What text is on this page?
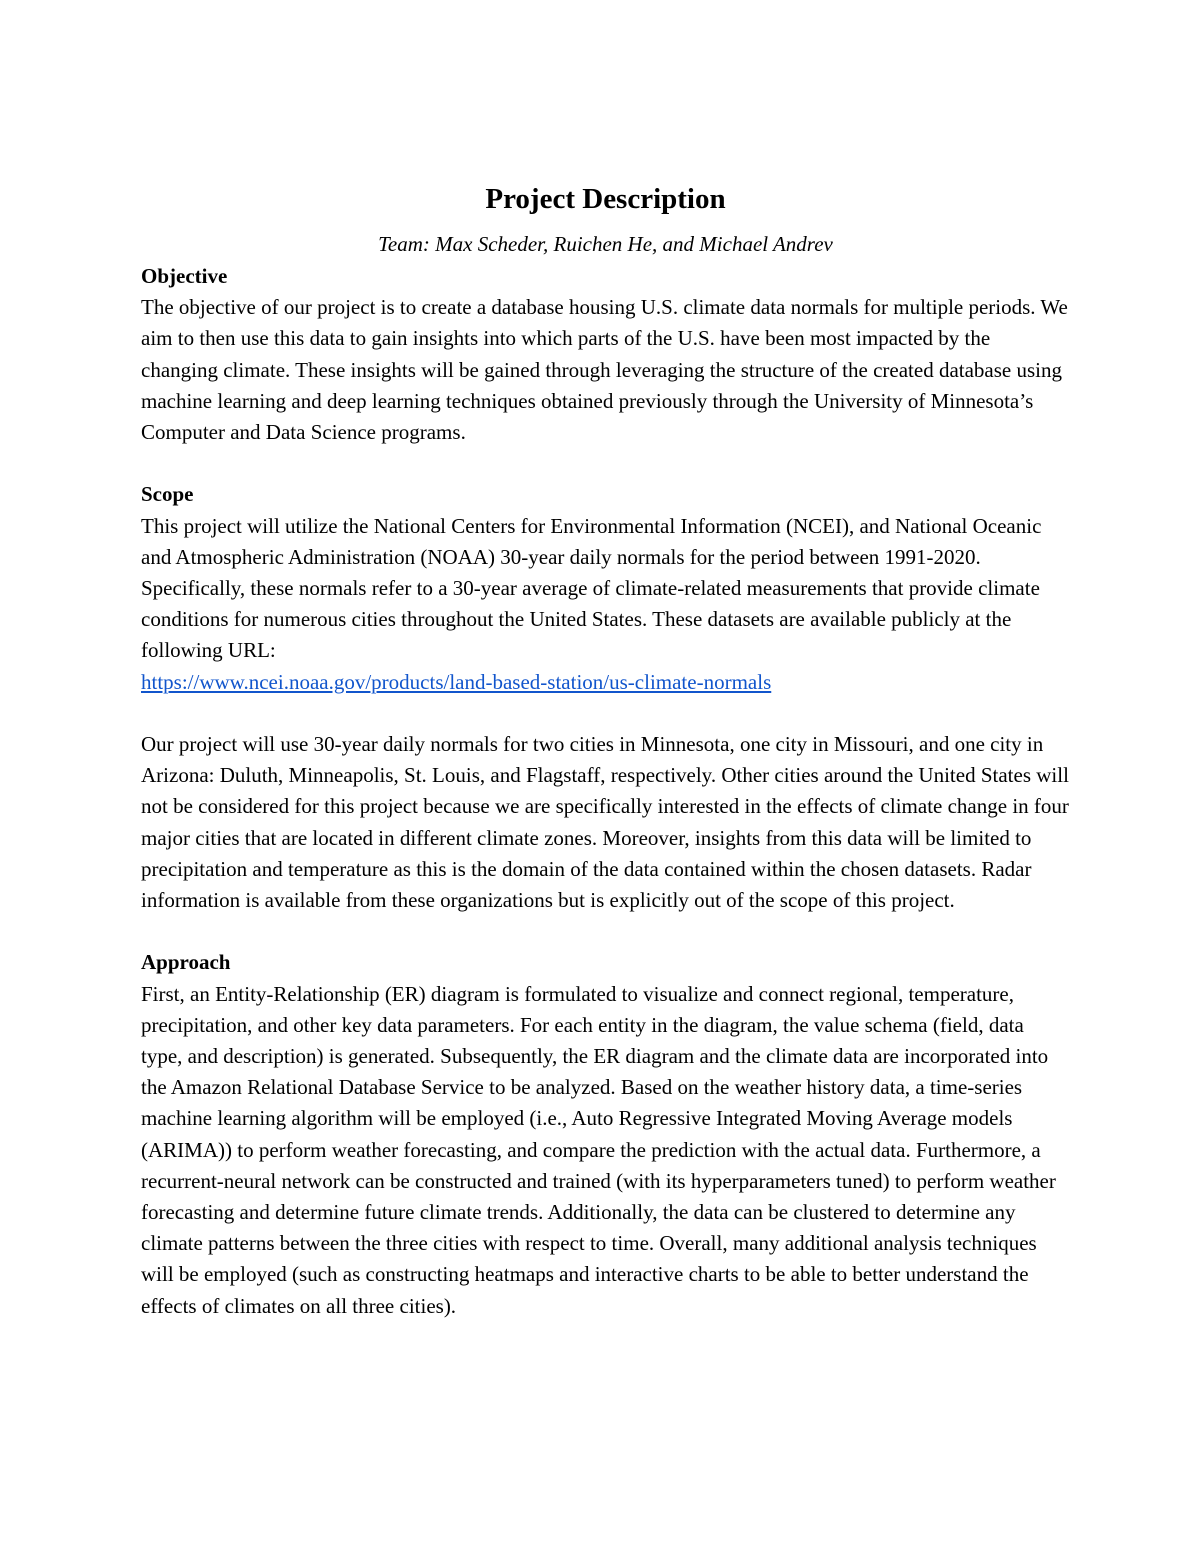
Project Description

Team: Max Scheder, Ruichen He, and Michael Andrev

Objective

The objective of our project is to create a database housing U.S. climate data normals for multiple periods. We aim to then use this data to gain insights into which parts of the U.S. have been most impacted by the changing climate. These insights will be gained through leveraging the structure of the created database using machine learning and deep learning techniques obtained previously through the University of Minnesota’s Computer and Data Science programs.

Scope

This project will utilize the National Centers for Environmental Information (NCEI), and National Oceanic and Atmospheric Administration (NOAA) 30-year daily normals for the period between 1991-2020. Specifically, these normals refer to a 30-year average of climate-related measurements that provide climate conditions for numerous cities throughout the United States. These datasets are available publicly at the following URL:

https://www.ncei.noaa.gov/products/land-based-station/us-climate-normals

Our project will use 30-year daily normals for two cities in Minnesota, one city in Missouri, and one city in Arizona: Duluth, Minneapolis, St. Louis, and Flagstaff, respectively. Other cities around the United States will not be considered for this project because we are specifically interested in the effects of climate change in four major cities that are located in different climate zones. Moreover, insights from this data will be limited to precipitation and temperature as this is the domain of the data contained within the chosen datasets. Radar information is available from these organizations but is explicitly out of the scope of this project.

Approach

First, an Entity-Relationship (ER) diagram is formulated to visualize and connect regional, temperature, precipitation, and other key data parameters. For each entity in the diagram, the value schema (field, data type, and description) is generated. Subsequently, the ER diagram and the climate data are incorporated into the Amazon Relational Database Service to be analyzed. Based on the weather history data, a time-series machine learning algorithm will be employed (i.e., Auto Regressive Integrated Moving Average models (ARIMA)) to perform weather forecasting, and compare the prediction with the actual data. Furthermore, a recurrent-neural network can be constructed and trained (with its hyperparameters tuned) to perform weather forecasting and determine future climate trends. Additionally, the data can be clustered to determine any climate patterns between the three cities with respect to time. Overall, many additional analysis techniques will be employed (such as constructing heatmaps and interactive charts to be able to better understand the effects of climates on all three cities).
